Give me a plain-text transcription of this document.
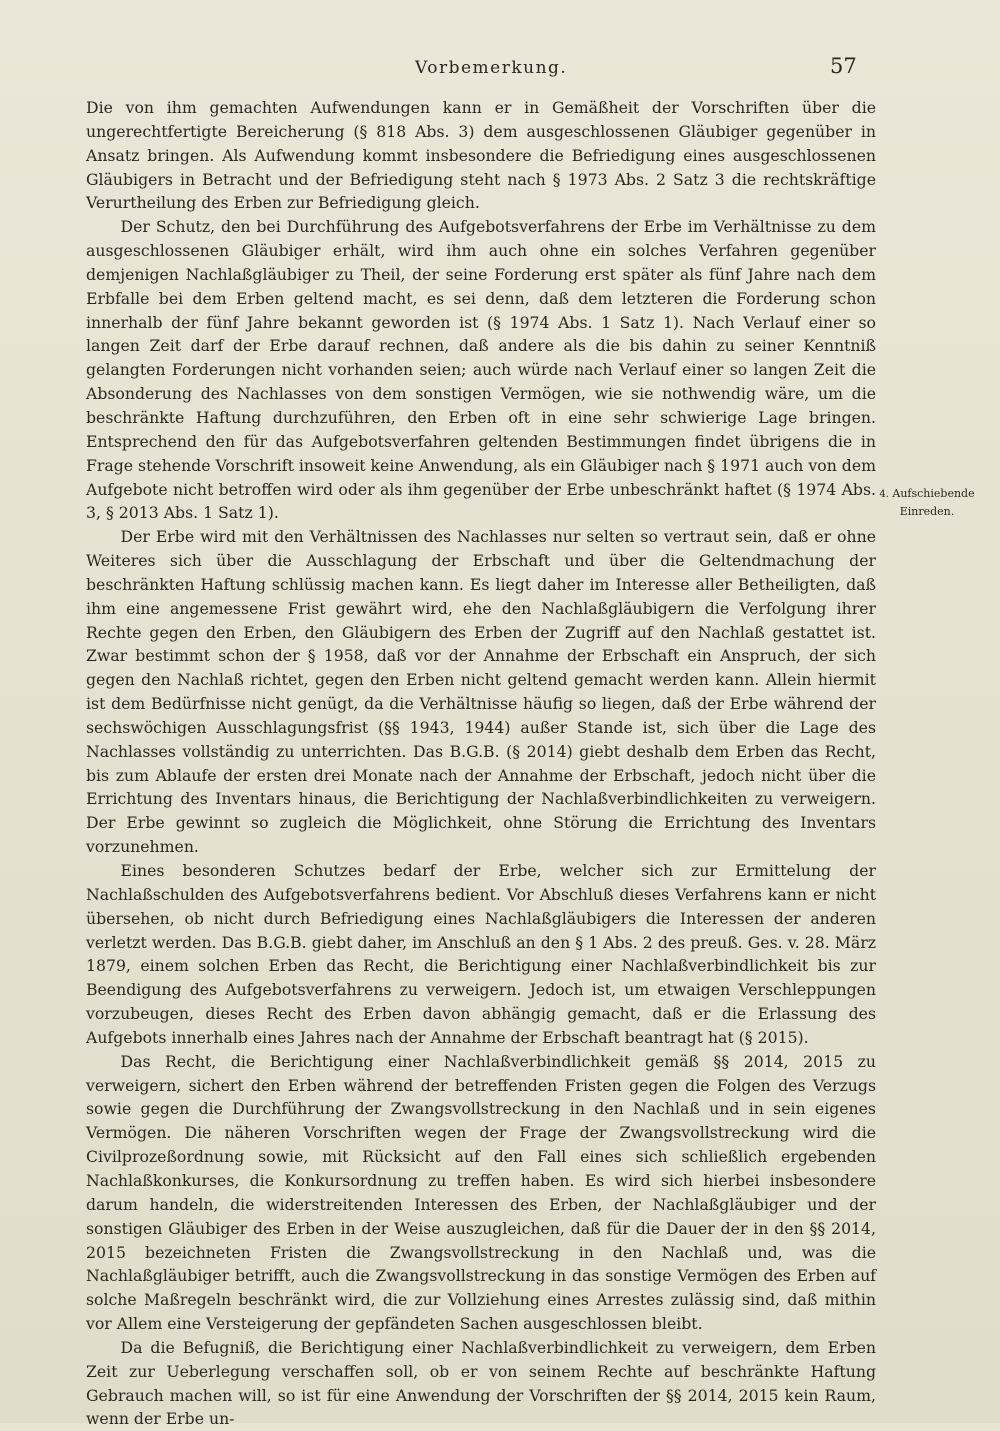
Vorbemerkung.	57

Die von ihm gemachten Aufwendungen kann er in Gemäßheit der Vorschriften über die ungerechtfertigte Bereicherung (§ 818 Abs. 3) dem ausgeschlossenen Gläubiger gegenüber in Ansatz bringen. Als Aufwendung kommt insbesondere die Befriedigung eines ausgeschlossenen Gläubigers in Betracht und der Befriedigung steht nach § 1973 Abs. 2 Satz 3 die rechtskräftige Verurtheilung des Erben zur Befriedigung gleich.

Der Schutz, den bei Durchführung des Aufgebotsverfahrens der Erbe im Verhältnisse zu dem ausgeschlossenen Gläubiger erhält, wird ihm auch ohne ein solches Verfahren gegenüber demjenigen Nachlaßgläubiger zu Theil, der seine Forderung erst später als fünf Jahre nach dem Erbfalle bei dem Erben geltend macht, es sei denn, daß dem letzteren die Forderung schon innerhalb der fünf Jahre bekannt geworden ist (§ 1974 Abs. 1 Satz 1). Nach Verlauf einer so langen Zeit darf der Erbe darauf rechnen, daß andere als die bis dahin zu seiner Kenntniß gelangten Forderungen nicht vorhanden seien; auch würde nach Verlauf einer so langen Zeit die Absonderung des Nachlasses von dem sonstigen Vermögen, wie sie nothwendig wäre, um die beschränkte Haftung durchzuführen, den Erben oft in eine sehr schwierige Lage bringen. Entsprechend den für das Aufgebotsverfahren geltenden Bestimmungen findet übrigens die in Frage stehende Vorschrift insoweit keine Anwendung, als ein Gläubiger nach § 1971 auch von dem Aufgebote nicht betroffen wird oder als ihm gegenüber der Erbe unbeschränkt haftet (§ 1974 Abs. 3, § 2013 Abs. 1 Satz 1).

Der Erbe wird mit den Verhältnissen des Nachlasses nur selten so vertraut sein, daß er ohne Weiteres sich über die Ausschlagung der Erbschaft und über die Geltendmachung der beschränkten Haftung schlüssig machen kann. Es liegt daher im Interesse aller Betheiligten, daß ihm eine angemessene Frist gewährt wird, ehe den Nachlaßgläubigern die Verfolgung ihrer Rechte gegen den Erben, den Gläubigern des Erben der Zugriff auf den Nachlaß gestattet ist. Zwar bestimmt schon der § 1958, daß vor der Annahme der Erbschaft ein Anspruch, der sich gegen den Nachlaß richtet, gegen den Erben nicht geltend gemacht werden kann. Allein hiermit ist dem Bedürfnisse nicht genügt, da die Verhältnisse häufig so liegen, daß der Erbe während der sechswöchigen Ausschlagungsfrist (§§ 1943, 1944) außer Stande ist, sich über die Lage des Nachlasses vollständig zu unterrichten. Das B.G.B. (§ 2014) giebt deshalb dem Erben das Recht, bis zum Ablaufe der ersten drei Monate nach der Annahme der Erbschaft, jedoch nicht über die Errichtung des Inventars hinaus, die Berichtigung der Nachlaßverbindlichkeiten zu verweigern. Der Erbe gewinnt so zugleich die Möglichkeit, ohne Störung die Errichtung des Inventars vorzunehmen.

Eines besonderen Schutzes bedarf der Erbe, welcher sich zur Ermittelung der Nachlaßschulden des Aufgebotsverfahrens bedient. Vor Abschluß dieses Verfahrens kann er nicht übersehen, ob nicht durch Befriedigung eines Nachlaßgläubigers die Interessen der anderen verletzt werden. Das B.G.B. giebt daher, im Anschluß an den § 1 Abs. 2 des preuß. Ges. v. 28. März 1879, einem solchen Erben das Recht, die Berichtigung einer Nachlaßverbindlichkeit bis zur Beendigung des Aufgebotsverfahrens zu verweigern. Jedoch ist, um etwaigen Verschleppungen vorzubeugen, dieses Recht des Erben davon abhängig gemacht, daß er die Erlassung des Aufgebots innerhalb eines Jahres nach der Annahme der Erbschaft beantragt hat (§ 2015).

Das Recht, die Berichtigung einer Nachlaßverbindlichkeit gemäß §§ 2014, 2015 zu verweigern, sichert den Erben während der betreffenden Fristen gegen die Folgen des Verzugs sowie gegen die Durchführung der Zwangsvollstreckung in den Nachlaß und in sein eigenes Vermögen. Die näheren Vorschriften wegen der Frage der Zwangsvollstreckung wird die Civilprozeßordnung sowie, mit Rücksicht auf den Fall eines sich schließlich ergebenden Nachlaßkonkurses, die Konkursordnung zu treffen haben. Es wird sich hierbei insbesondere darum handeln, die widerstreitenden Interessen des Erben, der Nachlaßgläubiger und der sonstigen Gläubiger des Erben in der Weise auszugleichen, daß für die Dauer der in den §§ 2014, 2015 bezeichneten Fristen die Zwangsvollstreckung in den Nachlaß und, was die Nachlaßgläubiger betrifft, auch die Zwangsvollstreckung in das sonstige Vermögen des Erben auf solche Maßregeln beschränkt wird, die zur Vollziehung eines Arrestes zulässig sind, daß mithin vor Allem eine Versteigerung der gepfändeten Sachen ausgeschlossen bleibt.

Da die Befugniß, die Berichtigung einer Nachlaßverbindlichkeit zu verweigern, dem Erben Zeit zur Ueberlegung verschaffen soll, ob er von seinem Rechte auf beschränkte Haftung Gebrauch machen will, so ist für eine Anwendung der Vorschriften der §§ 2014, 2015 kein Raum, wenn der Erbe un-

4. Aufschiebende
Einreden.
